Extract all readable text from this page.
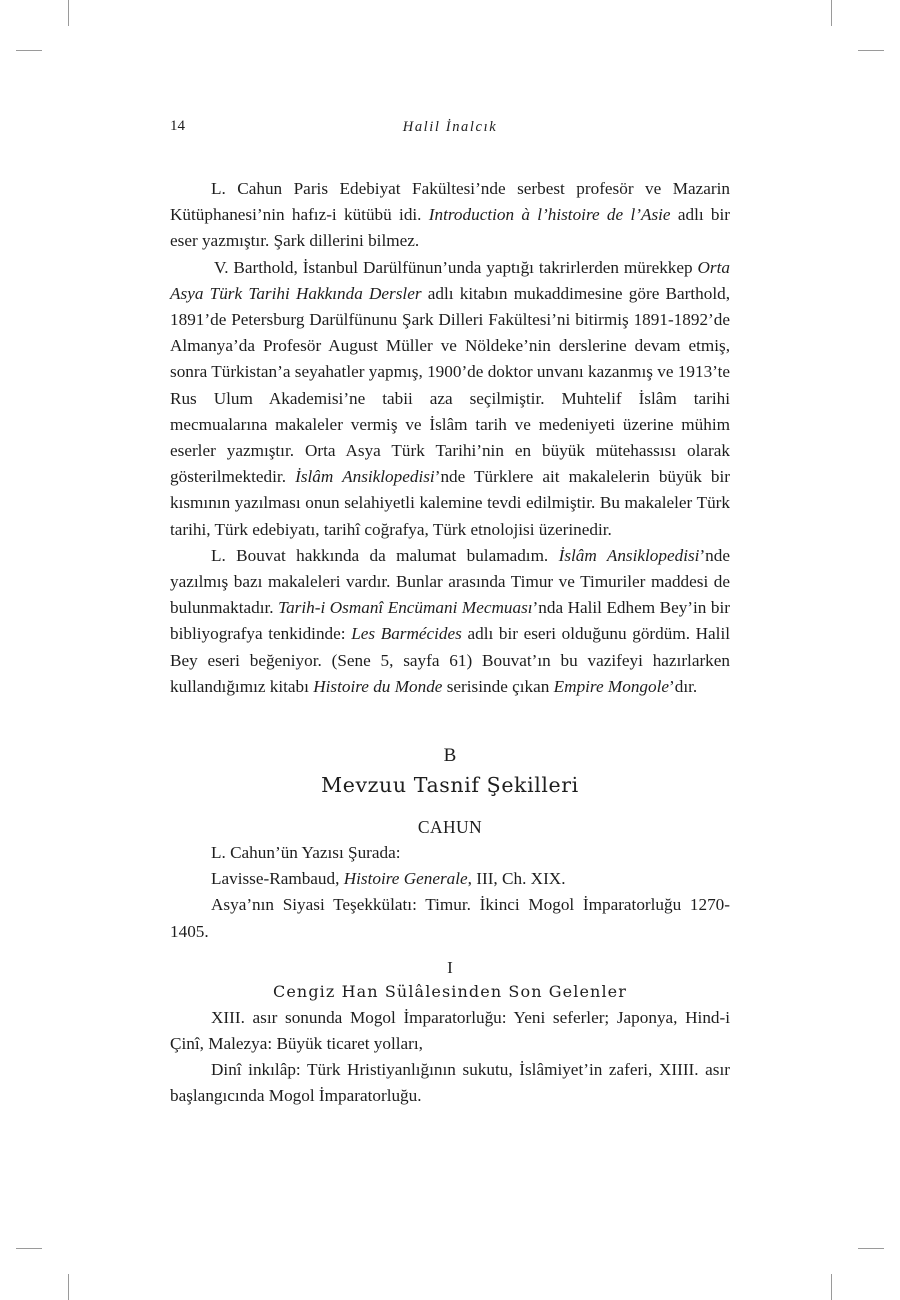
14	Halil İnalcık

L. Cahun Paris Edebiyat Fakültesi’nde serbest profesör ve Mazarin Kütüphanesi’nin hafız-i kütübü idi. Introduction à l’histoire de l’Asie adlı bir eser yazmıştır. Şark dillerini bilmez.

V. Barthold, İstanbul Darülfünun’unda yaptığı takrirlerden mürekkep Orta Asya Türk Tarihi Hakkında Dersler adlı kitabın mukaddimesine göre Barthold, 1891’de Petersburg Darülfünunu Şark Dilleri Fakültesi’ni bitirmiş 1891-1892’de Almanya’da Profesör August Müller ve Nöldeke’nin derslerine devam etmiş, sonra Türkistan’a seyahatler yapmış, 1900’de doktor unvanı kazanmış ve 1913’te Rus Ulum Akademisi’ne tabii aza seçilmiştir. Muhtelif İslâm tarihi mecmualarına makaleler vermiş ve İslâm tarih ve medeniyeti üzerine mühim eserler yazmıştır. Orta Asya Türk Tarihi’nin en büyük mütehassısı olarak gösterilmektedir. İslâm Ansiklopedisi’nde Türklere ait makalelerin büyük bir kısmının yazılması onun selahiyetli kalemine tevdi edilmiştir. Bu makaleler Türk tarihi, Türk edebiyatı, tarihî coğrafya, Türk etnolojisi üzerinedir.

L. Bouvat hakkında da malumat bulamadım. İslâm Ansiklopedisi’nde yazılmış bazı makaleleri vardır. Bunlar arasında Timur ve Timuriler maddesi de bulunmaktadır. Tarih-i Osmanî Encümani Mecmuası’nda Halil Edhem Bey’in bir bibliyografya tenkidinde: Les Barmécides adlı bir eseri olduğunu gördüm. Halil Bey eseri beğeniyor. (Sene 5, sayfa 61) Bouvat’ın bu vazifeyi hazırlarken kullandığımız kitabı Histoire du Monde serisinde çıkan Empire Mongole’dır.

B
Mevzuu Tasnif Şekilleri
CAHUN

L. Cahun’ün Yazısı Şurada:

Lavisse-Rambaud, Histoire Generale, III, Ch. XIX.

Asya’nın Siyasi Teşekkülatı: Timur. İkinci Mogol İmparatorluğu 1270-1405.

I
Cengiz Han Sülâlesinden Son Gelenler

XIII. asır sonunda Mogol İmparatorluğu: Yeni seferler; Japonya, Hind-i Çinî, Malezya: Büyük ticaret yolları,

Dinî inkılâp: Türk Hristiyanlığının sukutu, İslâmiyet’in zaferi, XIIII. asır başlangıcında Mogol İmparatorluğu.
